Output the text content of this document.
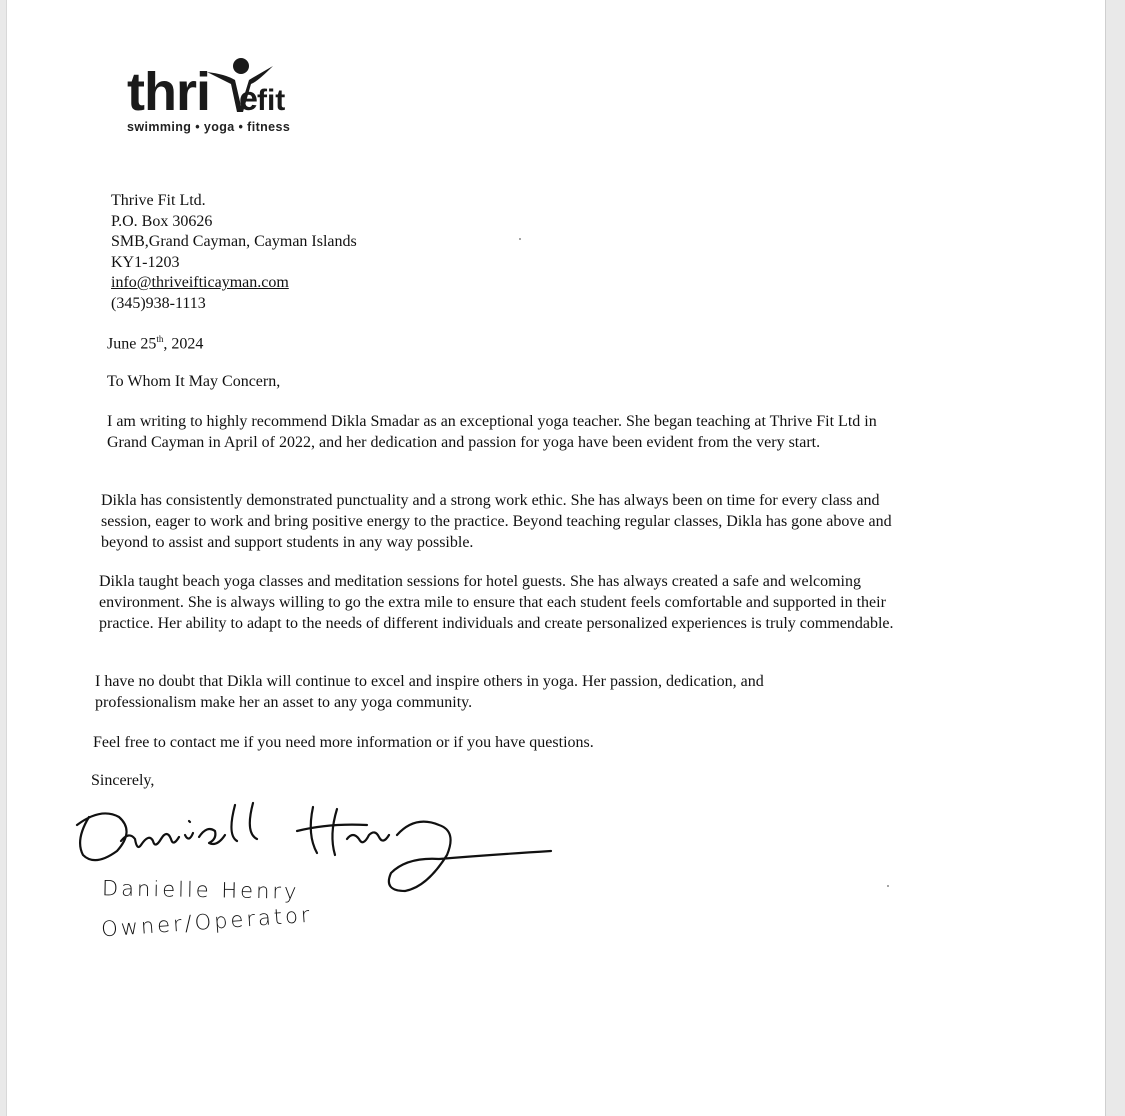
thri efit
swimming • yoga • fitness
Thrive Fit Ltd.
P.O. Box 30626
SMB,Grand Cayman, Cayman Islands
KY1-1203
info@thriveifticayman.com
(345)938-1113
June 25th, 2024
To Whom It May Concern,

I am writing to highly recommend Dikla Smadar as an exceptional yoga teacher. She began teaching at Thrive Fit Ltd in Grand Cayman in April of 2022, and her dedication and passion for yoga have been evident from the very start.

Dikla has consistently demonstrated punctuality and a strong work ethic. She has always been on time for every class and session, eager to work and bring positive energy to the practice. Beyond teaching regular classes, Dikla has gone above and beyond to assist and support students in any way possible.

Dikla taught beach yoga classes and meditation sessions for hotel guests. She has always created a safe and welcoming environment. She is always willing to go the extra mile to ensure that each student feels comfortable and supported in their practice. Her ability to adapt to the needs of different individuals and create personalized experiences is truly commendable.

I have no doubt that Dikla will continue to excel and inspire others in yoga. Her passion, dedication, and professionalism make her an asset to any yoga community.

Feel free to contact me if you need more information or if you have questions.

Sincerely,
Danielle Henry
Owner/Operator
